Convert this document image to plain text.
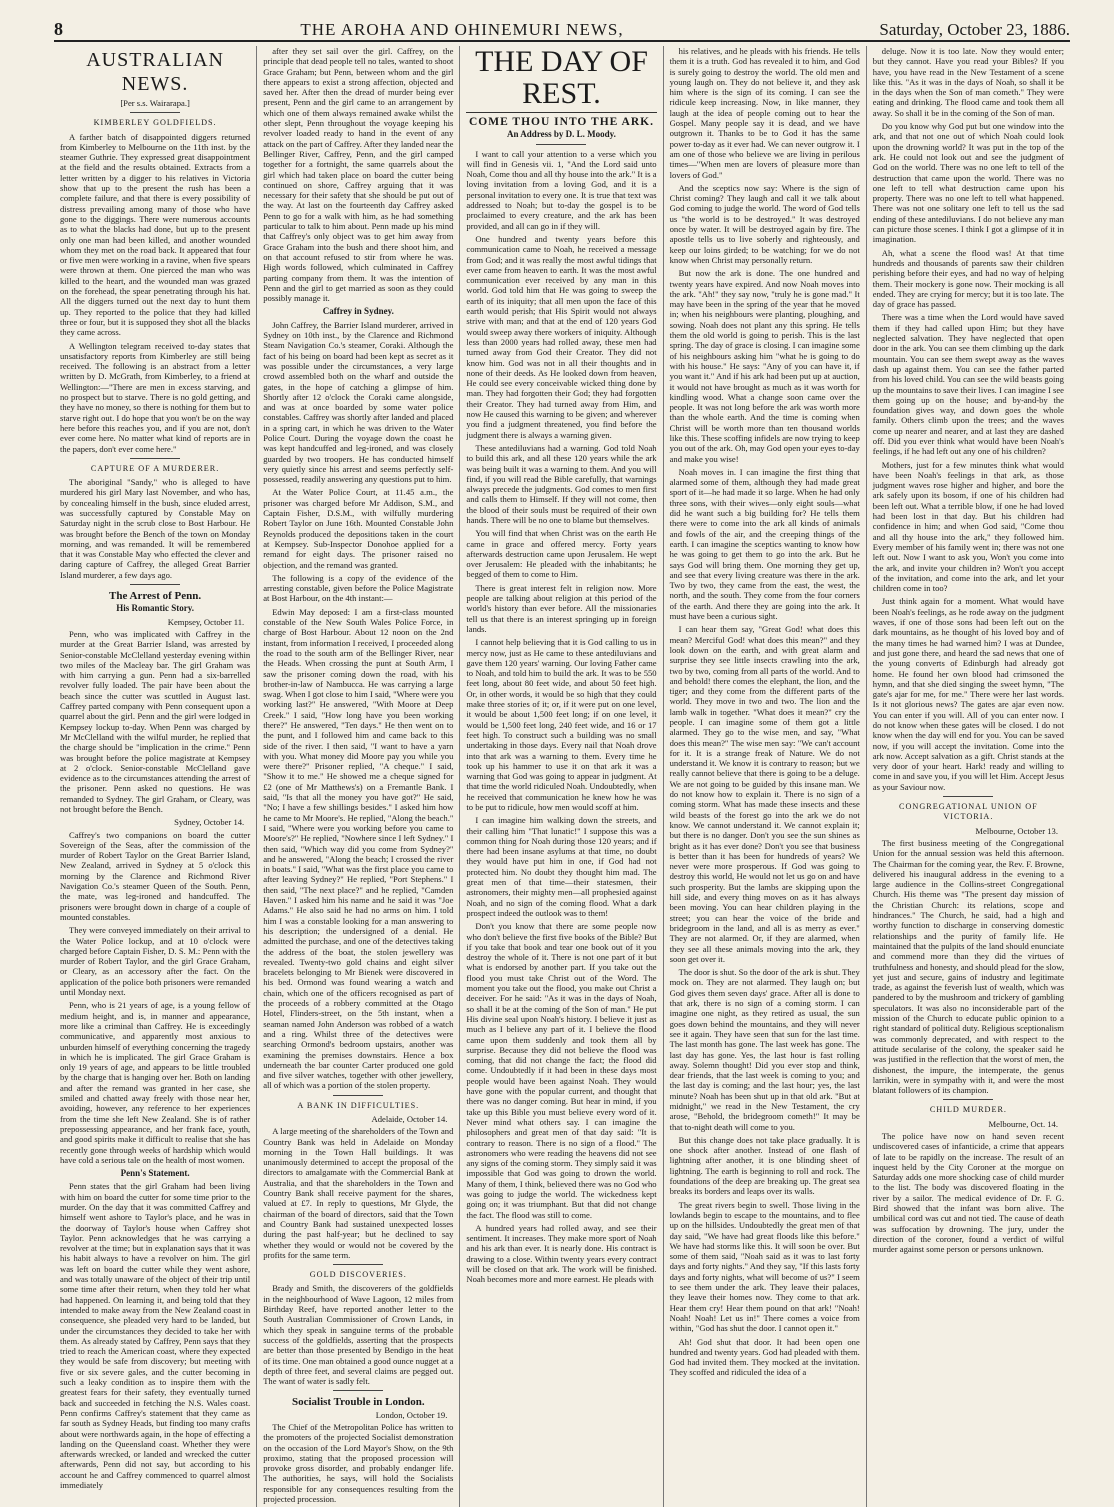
8	THE AROHA AND OHINEMURI NEWS,	Saturday, October 23, 1886.
AUSTRALIAN NEWS.
[Per s.s. Wairarapa.]
KIMBERLEY GOLDFIELDS.

A farther batch of disappointed diggers returned from Kimberley to Melbourne on the 11th inst. by the steamer Guthrie. They expressed great disappointment at the field and the results obtained. Extracts from a letter written by a digger to his relatives in Victoria show that up to the present the rush has been a complete failure, and that there is every possibility of distress prevailing among many of those who have gone to the diggings. There were numerous accounts as to what the blacks had done, but up to the present only one man had been killed, and another wounded whom they met on the road back. It appeared that four or five men were working in a ravine, when five spears were thrown at them. One pierced the man who was killed to the heart, and the wounded man was grazed on the forehead, the spear penetrating through his hat. All the diggers turned out the next day to hunt them up. They reported to the police that they had killed three or four, but it is supposed they shot all the blacks they came across.

A Wellington telegram received to-day states that unsatisfactory reports from Kimberley are still being received. The following is an abstract from a letter written by D. McGrath, from Kimberley, to a friend at Wellington:—"There are men in excess starving, and no prospect but to starve. There is no gold getting, and they have no money, so there is nothing for them but to starve right out. I do hope that you won't be on the way here before this reaches you, and if you are not, don't ever come here. No matter what kind of reports are in the papers, don't ever come here."

CAPTURE OF A MURDERER.

The aboriginal "Sandy," who is alleged to have murdered his girl Mary last November, and who has, by concealing himself in the bush, since eluded arrest, was successfully captured by Constable May on Saturday night in the scrub close to Bost Harbour. He was brought before the Bench of the town on Monday morning, and was remanded. It will be remembered that it was Constable May who effected the clever and daring capture of Caffrey, the alleged Great Barrier Island murderer, a few days ago.

The Arrest of Penn.
His Romantic Story.
Kempsey, October 11.

Penn, who was implicated with Caffrey in the murder at the Great Barrier Island, was arrested by Senior-constable McClelland yesterday evening within two miles of the Macleay bar. The girl Graham was with him carrying a gun. Penn had a six-barrelled revolver fully loaded. The pair have been about the beach since the cutter was scuttled in August last. Caffrey parted company with Penn consequent upon a quarrel about the girl. Penn and the girl were lodged in Kempsey lockup to-day. When Penn was charged by Mr McClelland with the wilful murder, he replied that the charge should be "implication in the crime." Penn was brought before the police magistrate at Kempsey at 2 o'clock. Senior-constable McClelland gave evidence as to the circumstances attending the arrest of the prisoner. Penn asked no questions. He was remanded to Sydney. The girl Graham, or Cleary, was not brought before the Bench.

Sydney, October 14.

Caffrey's two companions on board the cutter Sovereign of the Seas, after the commission of the murder of Robert Taylor on the Great Barrier Island, New Zealand, arrived in Sydney at 5 o'clock this morning by the Clarence and Richmond River Navigation Co.'s steamer Queen of the South. Penn, the mate, was leg-ironed and handcuffed. The prisoners were brought down in charge of a couple of mounted constables.

They were conveyed immediately on their arrival to the Water Police lockup, and at 10 o'clock were charged before Captain Fisher, D. S. M.: Penn with the murder of Robert Taylor, and the girl Grace Graham, or Cleary, as an accessory after the fact. On the application of the police both prisoners were remanded until Monday next.

Penn, who is 21 years of age, is a young fellow of medium height, and is, in manner and appearance, more like a criminal than Caffrey. He is exceedingly communicative, and apparently most anxious to unburden himself of everything concerning the tragedy in which he is implicated. The girl Grace Graham is only 19 years of age, and appears to be little troubled by the charge that is hanging over her. Both on landing and after the remand was granted in her case, she smiled and chatted away freely with those near her, avoiding, however, any reference to her experiences from the time she left New Zealand. She is of rather prepossessing appearance, and her frank face, youth, and good spirits make it difficult to realise that she has recently gone through weeks of hardship which would have cold a serious tale on the health of most women.

Penn's Statement.

Penn states that the girl Graham had been living with him on board the cutter for some time prior to the murder. On the day that it was committed Caffrey and himself went ashore to Taylor's place, and he was in the doorway of Taylor's house when Caffrey shot Taylor. Penn acknowledges that he was carrying a revolver at the time; but in explanation says that it was his habit always to have a revolver on him. The girl was left on board the cutter while they went ashore, and was totally unaware of the object of their trip until some time after their return, when they told her what had happened. On learning it, and being told that they intended to make away from the New Zealand coast in consequence, she pleaded very hard to be landed, but under the circumstances they decided to take her with them. As already stated by Caffrey, Penn says that they tried to reach the American coast, where they expected they would be safe from discovery; but meeting with five or six severe gales, and the cutter becoming in such a leaky condition as to inspire them with the greatest fears for their safety, they eventually turned back and succeeded in fetching the N.S. Wales coast. Penn confirms Caffrey's statement that they came as far south as Sydney Heads, but finding too many crafts about were northwards again, in the hope of effecting a landing on the Queensland coast. Whether they were afterwards wrecked, or landed and wrecked the cutter afterwards, Penn did not say, but according to his account he and Caffrey commenced to quarrel almost immediately

after they set sail over the girl. Caffrey, on the principle that dead people tell no tales, wanted to shoot Grace Graham; but Penn, between whom and the girl there appears to exist a strong affection, objected and saved her. After then the dread of murder being ever present, Penn and the girl came to an arrangement by which one of them always remained awake whilst the other slept, Penn throughout the voyage keeping his revolver loaded ready to hand in the event of any attack on the part of Caffrey. After they landed near the Bellinger River, Caffrey, Penn, and the girl camped together for a fortnight, the same quarrels about the girl which had taken place on board the cutter being continued on shore, Caffrey arguing that it was necessary for their safety that she should be put out of the way. At last on the fourteenth day Caffrey asked Penn to go for a walk with him, as he had something particular to talk to him about. Penn made up his mind that Caffrey's only object was to get him away from Grace Graham into the bush and there shoot him, and on that account refused to stir from where he was. High words followed, which culminated in Caffrey parting company from them. It was the intention of Penn and the girl to get married as soon as they could possibly manage it.

Caffrey in Sydney.

John Caffrey, the Barrier Island murderer, arrived in Sydney on 10th inst., by the Clarence and Richmond Steam Navigation Co.'s steamer, Coraki. Although the fact of his being on board had been kept as secret as it was possible under the circumstances, a very large crowd assembled both on the wharf and outside the gates, in the hope of catching a glimpse of him. Shortly after 12 o'clock the Coraki came alongside, and was at once boarded by some water police constables. Caffrey was shortly after landed and placed in a spring cart, in which he was driven to the Water Police Court. During the voyage down the coast he was kept handcuffed and leg-ironed, and was closely guarded by two troopers. He has conducted himself very quietly since his arrest and seems perfectly self-possessed, readily answering any questions put to him.

At the Water Police Court, at 11.45 a.m., the prisoner was charged before Mr Addison, S.M., and Captain Fisher, D.S.M., with wilfully murdering Robert Taylor on June 16th. Mounted Constable John Reynolds produced the depositions taken in the court at Kempsey. Sub-Inspector Donohoe applied for a remand for eight days. The prisoner raised no objection, and the remand was granted.

The following is a copy of the evidence of the arresting constable, given before the Police Magistrate at Bost Harbour, on the 4th instant:—

Edwin May deposed: I am a first-class mounted constable of the New South Wales Police Force, in charge of Bost Harbour. About 12 noon on the 2nd instant, from information I received, I proceeded along the road to the south arm of the Bellinger River, near the Heads. When crossing the punt at South Arm, I saw the prisoner coming down the road, with his brother-in-law of Nambucca. He was carrying a large swag. When I got close to him I said, "Where were you working last?" He answered, "With Moore at Deep Creek." I said, "How long have you been working there?" He answered, "Ten days." He then went on to the punt, and I followed him and came back to this side of the river. I then said, "I want to have a yarn with you. What money did Moore pay you while you were there?" Prisoner replied, "A cheque." I said, "Show it to me." He showed me a cheque signed for £2 (one of Mr Matthews's) on a Fremantle Bank. I said, "Is that all the money you have got?" He said, "No; I have a few shillings besides." I asked him how he came to Mr Moore's. He replied, "Along the beach." I said, "Where were you working before you came to Moore's?" He replied, "Nowhere since I left Sydney." I then said, "Which way did you come from Sydney?" and he answered, "Along the beach; I crossed the river in boats." I said, "What was the first place you came to after leaving Sydney?" He replied, "Port Stephens." I then said, "The next place?" and he replied, "Camden Haven." I asked him his name and he said it was "Joe Adams." He also said he had no arms on him. I told him I was a constable looking for a man answering to his description; the undersigned of a denial. He admitted the purchase, and one of the detectives taking the address of the boat, the stolen jewellery was revealed. Twenty-two gold chains and eight silver bracelets belonging to Mr Bienek were discovered in his bed. Ormond was found wearing a watch and chain, which one of the officers recognised as part of the proceeds of a robbery committed at the Otago Hotel, Flinders-street, on the 5th instant, when a seaman named John Anderson was robbed of a watch and a ring. Whilst three of the detectives were searching Ormond's bedroom upstairs, another was examining the premises downstairs. Hence a box underneath the bar counter Carter produced one gold and five silver watches, together with other jewellery, all of which was a portion of the stolen property.

A BANK IN DIFFICULTIES.
Adelaide, October 14.

A large meeting of the shareholders of the Town and Country Bank was held in Adelaide on Monday morning in the Town Hall buildings. It was unanimously determined to accept the proposal of the directors to amalgamate with the Commercial Bank at Australia, and that the shareholders in the Town and Country Bank shall receive payment for the shares, valued at £7. In reply to questions, Mr Glyde, the chairman of the board of directors, said that the Town and Country Bank had sustained unexpected losses during the past half-year; but he declined to say whether they would or would not be covered by the profits for the same term.

GOLD DISCOVERIES.

Brady and Smith, the discoverers of the goldfields in the neighbourhood of Wave Lagoon, 12 miles from Birthday Reef, have reported another letter to the South Australian Commissioner of Crown Lands, in which they speak in sanguine terms of the probable success of the goldfields, asserting that the prospects are better than those presented by Bendigo in the heat of its time. One man obtained a good ounce nugget at a depth of three feet, and several claims are pegged out. The want of water is sadly felt.

Socialist Trouble in London.
London, October 19.

The Chief of the Metropolitan Police has written to the promoters of the projected Socialist demonstration on the occasion of the Lord Mayor's Show, on the 9th proximo, stating that the proposed procession will provoke gross disorder, and probably endanger life. The authorities, he says, will hold the Socialists responsible for any consequences resulting from the projected procession.

THE DAY OF REST.
COME THOU INTO THE ARK.
An Address by D. L. Moody.

I want to call your attention to a verse which you will find in Genesis vii. 1, "And the Lord said unto Noah, Come thou and all thy house into the ark." It is a loving invitation from a loving God, and it is a personal invitation to every one. It is true that text was addressed to Noah; but to-day the gospel is to be proclaimed to every creature, and the ark has been provided, and all can go in if they will.

One hundred and twenty years before this communication came to Noah, he received a message from God; and it was really the most awful tidings that ever came from heaven to earth. It was the most awful communication ever received by any man in this world. God told him that He was going to sweep the earth of its iniquity; that all men upon the face of this earth would perish; that His Spirit would not always strive with man; and that at the end of 120 years God would sweep away there workers of iniquity. Although less than 2000 years had rolled away, these men had turned away from God their Creator. They did not know him. God was not in all their thoughts and in none of their deeds. As He looked down from heaven, He could see every conceivable wicked thing done by man. They had forgotten their God; they had forgotten their Creator. They had turned away from Him, and now He caused this warning to be given; and wherever you find a judgment threatened, you find before the judgment there is always a warning given.

These antediluvians had a warning. God told Noah to build this ark, and all these 120 years while the ark was being built it was a warning to them. And you will find, if you will read the Bible carefully, that warnings always precede the judgments. God comes to men first and calls them to Himself. If they will not come, then the blood of their souls must be required of their own hands. There will be no one to blame but themselves.

You will find that when Christ was on the earth He came in grace and offered mercy. Forty years afterwards destruction came upon Jerusalem. He wept over Jerusalem: He pleaded with the inhabitants; he begged of them to come to Him.

There is great interest felt in religion now. More people are talking about religion at this period of the world's history than ever before. All the missionaries tell us that there is an interest springing up in foreign lands.

I cannot help believing that it is God calling to us in mercy now, just as He came to these antediluvians and gave them 120 years' warning. Our loving Father came to Noah, and told him to build the ark. It was to be 550 feet long, about 80 feet wide, and about 50 feet high. Or, in other words, it would be so high that they could make three stories of it; or, if it were put on one level, it would be about 1,500 feet long; if on one level, it would be 1,500 feet long, 240 feet wide, and 16 or 17 feet high. To construct such a building was no small undertaking in those days. Every nail that Noah drove into that ark was a warning to them. Every time he took up his hammer to use it on that ark it was a warning that God was going to appear in judgment. At that time the world ridiculed Noah. Undoubtedly, when he received that communication he knew how he was to be put to ridicule, how men would scoff at him.

I can imagine him walking down the streets, and their calling him "That lunatic!" I suppose this was a common thing for Noah during those 120 years; and if there had been insane asylums at that time, no doubt they would have put him in one, if God had not protected him. No doubt they thought him mad. The great men of that time—their statesmen, their astronomers, their mighty men—all prophesied against Noah, and no sign of the coming flood. What a dark prospect indeed the outlook was to them!

Don't you know that there are some people now who don't believe the first five books of the Bible? But if you take that book and tear one book out of it you destroy the whole of it. There is not one part of it but what is endorsed by another part. If you take out the flood you must take Christ out of the Word. The moment you take out the flood, you make out Christ a deceiver. For he said: "As it was in the days of Noah, so shall it be at the coming of the Son of man." He put His divine seal upon Noah's history. I believe it just as much as I believe any part of it. I believe the flood came upon them suddenly and took them all by surprise. Because they did not believe the flood was coming, that did not change the fact; the flood did come. Undoubtedly if it had been in these days most people would have been against Noah. They would have gone with the popular current, and thought that there was no danger coming. But hear in mind, if you take up this Bible you must believe every word of it. Never mind what others say. I can imagine the philosophers and great men of that day said: "It is contrary to reason. There is no sign of a flood." The astronomers who were reading the heavens did not see any signs of the coming storm. They simply said it was impossible that God was going to drown the world. Many of them, I think, believed there was no God who was going to judge the world. The wickedness kept going on; it was triumphant. But that did not change the fact. The flood was still to come.

A hundred years had rolled away, and see their sentiment. It increases. They make more sport of Noah and his ark than ever. It is nearly done. His contract is drawing to a close. Within twenty years every contract will be closed on that ark. The work will be finished. Noah becomes more and more earnest. He pleads with

his relatives, and he pleads with his friends. He tells them it is a truth. God has revealed it to him, and God is surely going to destroy the world. The old men and young laugh on. They do not believe it, and they ask him where is the sign of its coming. I can see the ridicule keep increasing. Now, in like manner, they laugh at the idea of people coming out to hear the Gospel. Many people say it is dead, and we have outgrown it. Thanks to be to God it has the same power to-day as it ever had. We can never outgrow it. I am one of those who believe we are living in perilous times—"When men are lovers of pleasure more than lovers of God."

And the sceptics now say: Where is the sign of Christ coming? They laugh and call it we talk about God coming to judge the world. The word of God tells us "the world is to be destroyed." It was destroyed once by water. It will be destroyed again by fire. The apostle tells us to live soberly and righteously, and keep our loins girded; to be watching; for we do not know when Christ may personally return.

But now the ark is done. The one hundred and twenty years have expired. And now Noah moves into the ark. "Ah!" they say now, "truly he is gone mad." It may have been in the spring of the year that he moved in; when his neighbours were planting, ploughing, and sowing. Noah does not plant any this spring. He tells them the old world is going to perish. This is the last spring. The day of grace is closing. I can imagine some of his neighbours asking him "what he is going to do with his house." He says: "Any of you can have it, if you want it." And if his ark had been put up at auction, it would not have brought as much as it was worth for kindling wood. What a change soon came over the people. It was not long before the ark was worth more than the whole earth. And the time is coming when Christ will be worth more than ten thousand worlds like this. These scoffing infidels are now trying to keep you out of the ark. Oh, may God open your eyes to-day and make you wise!

Noah moves in. I can imagine the first thing that alarmed some of them, although they had made great sport of it—he had made it so large. When he had only three sons, with their wives—only eight souls—what did he want such a big building for? He tells them there were to come into the ark all kinds of animals and fowls of the air, and the creeping things of the earth. I can imagine the sceptics wanting to know how he was going to get them to go into the ark. But he says God will bring them. One morning they get up, and see that every living creature was there in the ark. Two by two, they came from the east, the west, the north, and the south. They come from the four corners of the earth. And there they are going into the ark. It must have been a curious sight.

I can hear them say, "Great God! what does this mean? Merciful God! what does this mean?" and they look down on the earth, and with great alarm and surprise they see little insects crawling into the ark, two by two, coming from all parts of the world. And to and behold! there comes the elephant, the lion, and the tiger; and they come from the different parts of the world. They move in two and two. The lion and the lamb walk in together. "What does it mean?" cry the people. I can imagine some of them got a little alarmed. They go to the wise men, and say, "What does this mean?" The wise men say: "We can't account for it. It is a strange freak of Nature. We do not understand it. We know it is contrary to reason; but we really cannot believe that there is going to be a deluge. We are not going to be guided by this insane man. We do not know how to explain it. There is no sign of a coming storm. What has made these insects and these wild beasts of the forest go into the ark we do not know. We cannot understand it. We cannot explain it; but there is no danger. Don't you see the sun shines as bright as it has ever done? Don't you see that business is better than it has been for hundreds of years? We never were more prosperous. If God was going to destroy this world, He would not let us go on and have such prosperity. But the lambs are skipping upon the hill side, and every thing moves on as it has always been moving. You can hear children playing in the street; you can hear the voice of the bride and bridegroom in the land, and all is as merry as ever." They are not alarmed. Or, if they are alarmed, when they see all these animals moving into the ark, they soon get over it.

The door is shut. So the door of the ark is shut. They mock on. They are not alarmed. They laugh on; but God gives them seven days' grace. After all is done to that ark, there is no sign of a coming storm. I can imagine one night, as they retired as usual, the sun goes down behind the mountains, and they will never see it again. They have seen that sun for the last time. The last month has gone. The last week has gone. The last day has gone. Yes, the last hour is fast rolling away. Solemn thought! Did you ever stop and think, dear friends, that the last week is coming to you; and the last day is coming; and the last hour; yes, the last minute? Noah has been shut up in that old ark. "But at midnight," we read in the New Testament, the cry arose, "Behold, the bridegroom cometh!" It may be that to-night death will come to you.

But this change does not take place gradually. It is one shock after another. Instead of one flash of lightning after another, it is one blinding sheet of lightning. The earth is beginning to roll and rock. The foundations of the deep are breaking up. The great sea breaks its borders and leaps over its walls.

The great rivers begin to swell. Those living in the lowlands begin to escape to the mountains, and to flee up on the hillsides. Undoubtedly the great men of that day said, "We have had great floods like this before." We have had storms like this. It will soon be over. But some of them said, "Noah said as it was to last forty days and forty nights." And they say, "If this lasts forty days and forty nights, what will become of us?" I seem to see them under the ark. They leave their palaces, they leave their homes now. They come to that ark. Hear them cry! Hear them pound on that ark! "Noah! Noah! Noah! Let us in!" There comes a voice from within, "God has shut the door. I cannot open it."

Ah! God shut that door. It had been open one hundred and twenty years. God had pleaded with them. God had invited them. They mocked at the invitation. They scoffed and ridiculed the idea of a

deluge. Now it is too late. Now they would enter; but they cannot. Have you read your Bibles? If you have, you have read in the New Testament of a scene like this. "As it was in the days of Noah, so shall it be in the days when the Son of man cometh." They were eating and drinking. The flood came and took them all away. So shall it be in the coming of the Son of man.

Do you know why God put but one window into the ark, and that not one out of which Noah could look upon the drowning world? It was put in the top of the ark. He could not look out and see the judgment of God on the world. There was no one left to tell of the destruction that came upon the world. There was no one left to tell what destruction came upon his property. There was no one left to tell what happened. There was not one solitary one left to tell us the sad ending of these antediluvians. I do not believe any man can picture those scenes. I think I got a glimpse of it in imagination.

Ah, what a scene the flood was! At that time hundreds and thousands of parents saw their children perishing before their eyes, and had no way of helping them. Their mockery is gone now. Their mocking is all ended. They are crying for mercy; but it is too late. The day of grace has passed.

There was a time when the Lord would have saved them if they had called upon Him; but they have neglected salvation. They have neglected that open door in the ark. You can see them climbing up the dark mountain. You can see them swept away as the waves dash up against them. You can see the father parted from his loved child. You can see the wild beasts going up the mountains to save their lives. I can imagine I see them going up on the house; and by-and-by the foundation gives way, and down goes the whole family. Others climb upon the trees; and the waves come up nearer and nearer, and at last they are dashed off. Did you ever think what would have been Noah's feelings, if he had left out any one of his children?

Mothers, just for a few minutes think what would have been Noah's feelings in that ark, as those judgment waves rose higher and higher, and bore the ark safely upon its bosom, if one of his children had been left out. What a terrible blow, if one he had loved had been lost in that day. But his children had confidence in him; and when God said, "Come thou and all thy house into the ark," they followed him. Every member of his family went in; there was not one left out. Now I want to ask you, Won't you come into the ark, and invite your children in? Won't you accept of the invitation, and come into the ark, and let your children come in too?

Just think again for a moment. What would have been Noah's feelings, as he rode away on the judgment waves, if one of those sons had been left out on the dark mountains, as he thought of his loved boy and of the many times he had warned him? I was at Dundee, and just gone there, and heard the sad news that one of the young converts of Edinburgh had already got home. He found her own blood had crimsoned the hymn, and that she died singing the sweet hymn, "The gate's ajar for me, for me." There were her last words. Is it not glorious news? The gates are ajar even now. You can enter if you will. All of you can enter now. I do not know when these gates will be closed. I do not know when the day will end for you. You can be saved now, if you will accept the invitation. Come into the ark now. Accept salvation as a gift. Christ stands at the very door of your heart. Hark! ready and willing to come in and save you, if you will let Him. Accept Jesus as your Saviour now.

CONGREGATIONAL UNION OF VICTORIA.
Melbourne, October 13.

The first business meeting of the Congregational Union for the annual session was held this afternoon. The Chairman for the coming year, the Rev. F. Browne, delivered his inaugural address in the evening to a large audience in the Collins-street Congregational Church. His theme was "The present day mission of the Christian Church: its relations, scope and hindrances." The Church, he said, had a high and worthy function to discharge in conserving domestic relationships and the purity of family life. He maintained that the pulpits of the land should enunciate and commend more than they did the virtues of truthfulness and honesty, and should plead for the slow, yet just and secure, gains of industry and legitimate trade, as against the feverish lust of wealth, which was pandered to by the mushroom and trickery of gambling speculators. It was also no inconsiderable part of the mission of the Church to educate public opinion to a right standard of political duty. Religious sceptionalism was commonly deprecated, and with respect to the attitude secularise of the colony, the speaker said he was justified in the reflection that the worst of men, the dishonest, the impure, the intemperate, the genus larrikin, were in sympathy with it, and were the most blatant followers of its champion.

CHILD MURDER.
Melbourne, Oct. 14.

The police have now on hand seven recent undiscovered cases of infanticide, a crime that appears of late to be rapidly on the increase. The result of an inquest held by the City Coroner at the morgue on Saturday adds one more shocking case of child murder to the list. The body was discovered floating in the river by a sailor. The medical evidence of Dr. F. G. Bird showed that the infant was born alive. The umbilical cord was cut and not tied. The cause of death was suffocation by drowning. The jury, under the direction of the coroner, found a verdict of wilful murder against some person or persons unknown.
